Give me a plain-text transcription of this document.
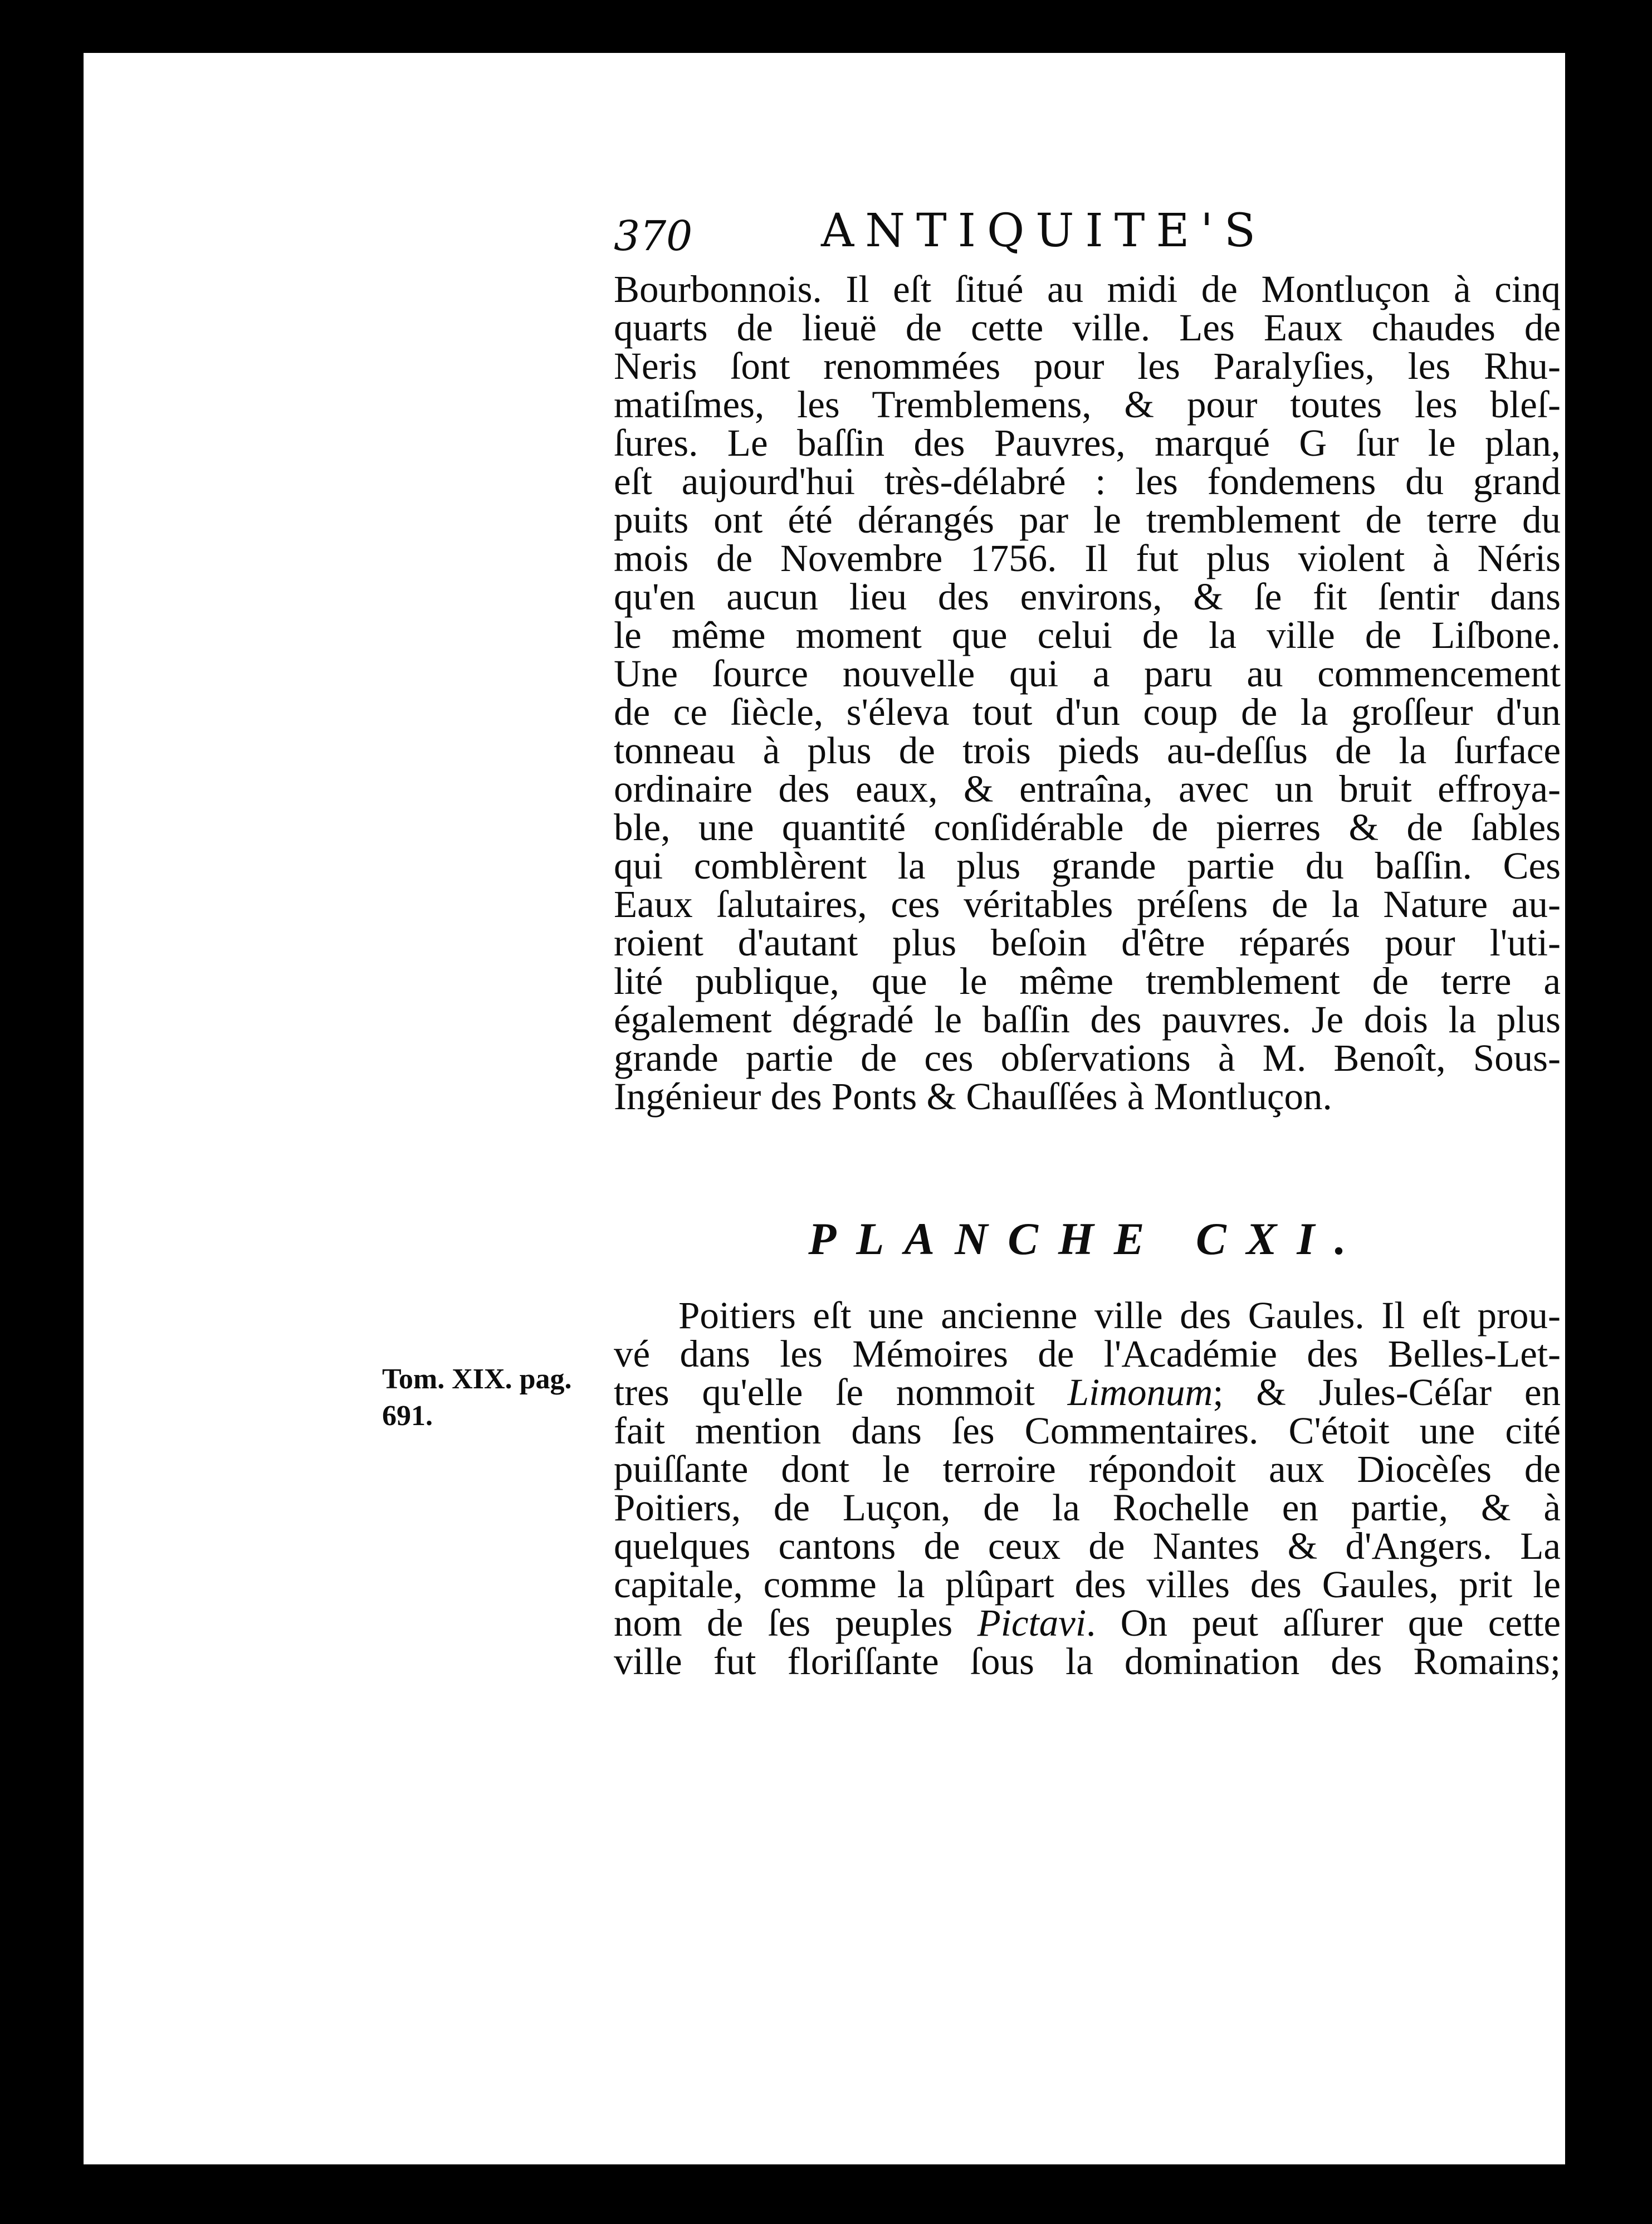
370	ANTIQUITE'S
Bourbonnois. Il eſt ſitué au midi de Montluçon à cinq
quarts de lieuë de cette ville. Les Eaux chaudes de
Neris ſont renommées pour les Paralyſies, les Rhu-
matiſmes, les Tremblemens, & pour toutes les bleſ-
ſures. Le baſſin des Pauvres, marqué G ſur le plan,
eſt aujourd'hui très-délabré : les fondemens du grand
puits ont été dérangés par le tremblement de terre du
mois de Novembre 1756. Il fut plus violent à Néris
qu'en aucun lieu des environs, & ſe fit ſentir dans
le même moment que celui de la ville de Liſbone.
Une ſource nouvelle qui a paru au commencement
de ce ſiècle, s'éleva tout d'un coup de la groſſeur d'un
tonneau à plus de trois pieds au-deſſus de la ſurface
ordinaire des eaux, & entraîna, avec un bruit effroya-
ble, une quantité conſidérable de pierres & de ſables
qui comblèrent la plus grande partie du baſſin. Ces
Eaux ſalutaires, ces véritables préſens de la Nature au-
roient d'autant plus beſoin d'être réparés pour l'uti-
lité publique, que le même tremblement de terre a
également dégradé le baſſin des pauvres. Je dois la plus
grande partie de ces obſervations à M. Benoît, Sous-
Ingénieur des Ponts & Chauſſées à Montluçon.
PLANCHE CXI.
Tom. XIX. pag.
691.
Poitiers eſt une ancienne ville des Gaules. Il eſt prou-
vé dans les Mémoires de l'Académie des Belles-Let-
tres qu'elle ſe nommoit Limonum; & Jules-Céſar en
fait mention dans ſes Commentaires. C'étoit une cité
puiſſante dont le terroire répondoit aux Diocèſes de
Poitiers, de Luçon, de la Rochelle en partie, & à
quelques cantons de ceux de Nantes & d'Angers. La
capitale, comme la plûpart des villes des Gaules, prit le
nom de ſes peuples Pictavi. On peut aſſurer que cette
ville fut floriſſante ſous la domination des Romains;
